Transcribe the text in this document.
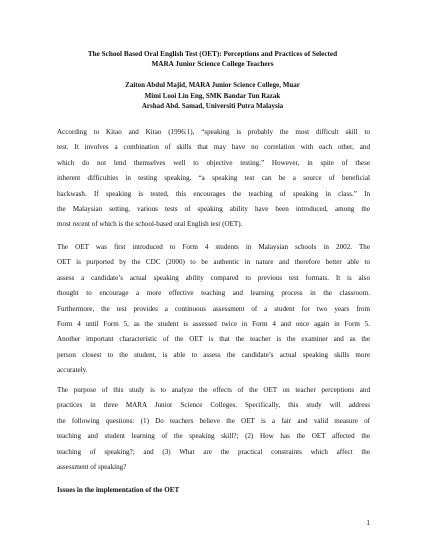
The School Based Oral English Test (OET): Perceptions and Practices of Selected
MARA Junior Science College Teachers
Zaiton Abdul Majid, MARA Junior Science College, Muar
Mimi Looi Lin Eng, SMK Bandar Tun Razak
Arshad Abd. Samad, Universiti Putra Malaysia
According to Kitao and Kitao (1996:1), “speaking is probably the most difficult skill to
test. It involves a combination of skills that may have no correlation with each other, and
which do not lend themselves well to objective testing.” However, in spite of these
inherent difficulties in testing speaking, “a speaking test can be a source of beneficial
backwash. If speaking is tested, this encourages the teaching of speaking in class.” In
the Malaysian setting, various tests of speaking ability have been introduced, among the
most recent of which is the school-based oral English test (OET).
The OET was first introduced to Form 4 students in Malaysian schools in 2002. The
OET is purported by the CDC (2000) to be authentic in nature and therefore better able to
assess a candidate’s actual speaking ability compared to previous test formats. It is also
thought to encourage a more effective teaching and learning process in the classroom.
Furthermore, the test provides a continuous assessment of a student for two years from
Form 4 until Form 5, as the student is assessed twice in Form 4 and once again in Form 5.
Another important characteristic of the OET is that the teacher is the examiner and as the
person closest to the student, is able to assess the candidate’s actual speaking skills more
accurately.
The purpose of this study is to analyze the effects of the OET on teacher perceptions and
practices in three MARA Junior Science Colleges. Specifically, this study will address
the following questions: (1) Do teachers believe the OET is a fair and valid measure of
teaching and student learning of the speaking skill?; (2) How has the OET affected the
teaching of speaking?; and (3) What are the practical constraints which affect the
assessment of speaking?
Issues in the implementation of the OET
1
